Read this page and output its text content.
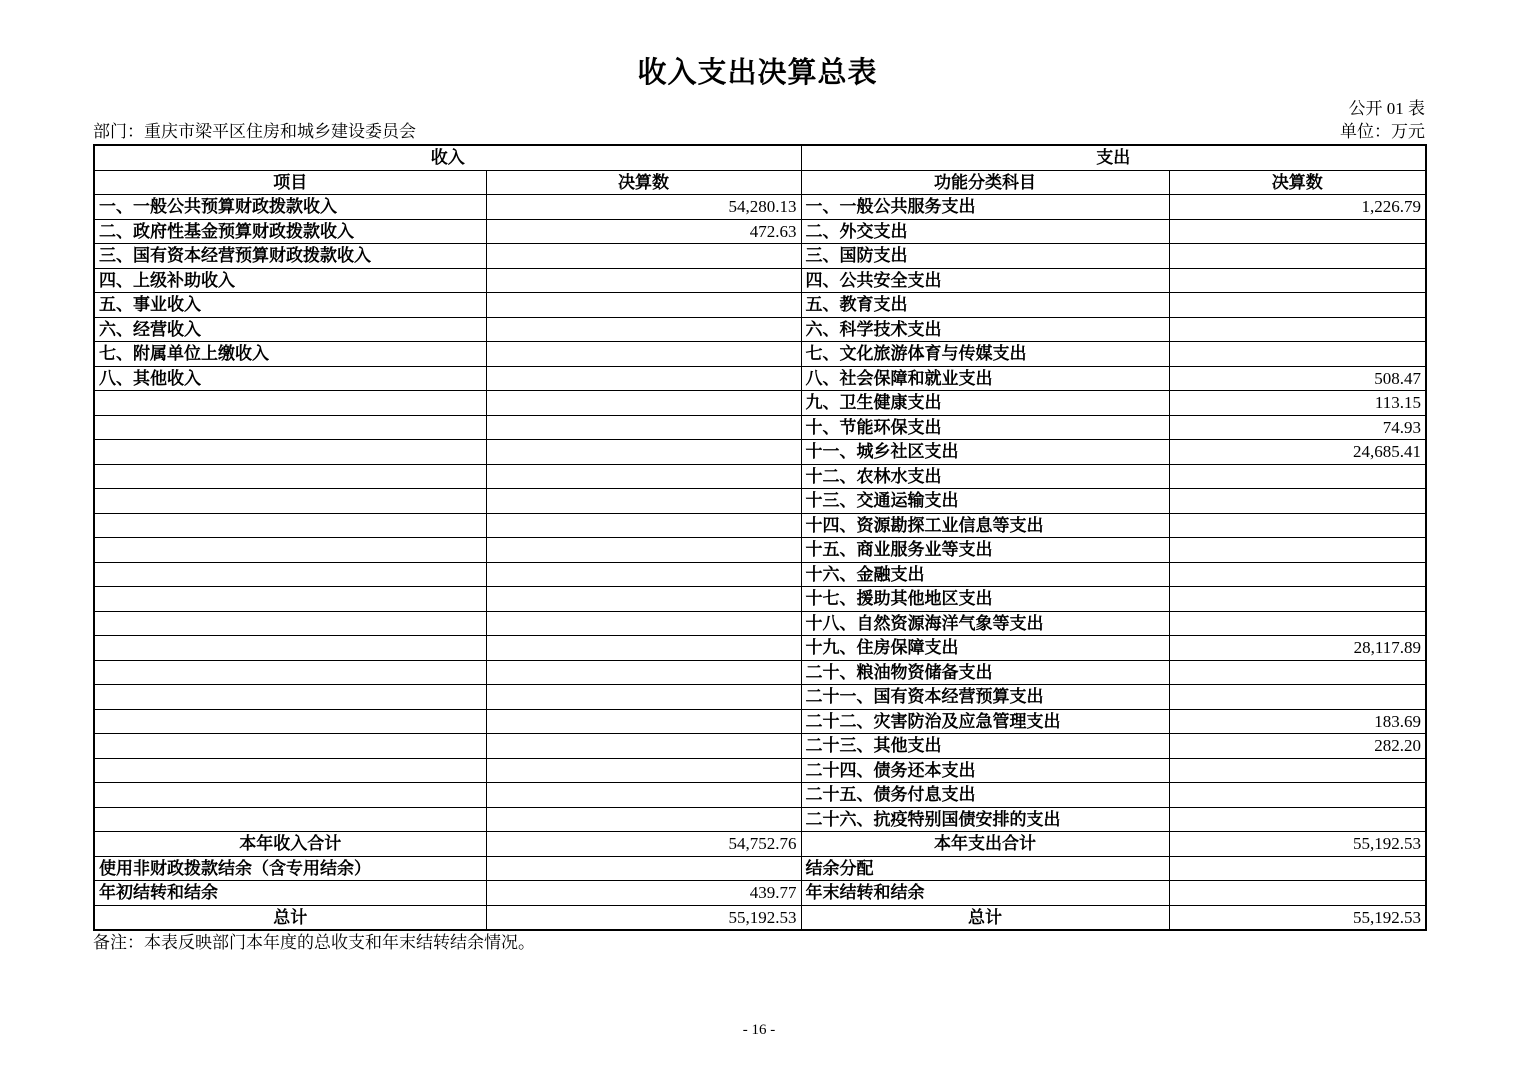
收入支出决算总表
公开 01 表
部门：重庆市梁平区住房和城乡建设委员会	单位：万元
收入		支出	
项目	决算数	功能分类科目	决算数
一、一般公共预算财政拨款收入	54,280.13	一、一般公共服务支出	1,226.79
二、政府性基金预算财政拨款收入	472.63	二、外交支出	
三、国有资本经营预算财政拨款收入		三、国防支出	
四、上级补助收入		四、公共安全支出	
五、事业收入		五、教育支出	
六、经营收入		六、科学技术支出	
七、附属单位上缴收入		七、文化旅游体育与传媒支出	
八、其他收入		八、社会保障和就业支出	508.47
		九、卫生健康支出	113.15
		十、节能环保支出	74.93
		十一、城乡社区支出	24,685.41
		十二、农林水支出	
		十三、交通运输支出	
		十四、资源勘探工业信息等支出	
		十五、商业服务业等支出	
		十六、金融支出	
		十七、援助其他地区支出	
		十八、自然资源海洋气象等支出	
		十九、住房保障支出	28,117.89
		二十、粮油物资储备支出	
		二十一、国有资本经营预算支出	
		二十二、灾害防治及应急管理支出	183.69
		二十三、其他支出	282.20
		二十四、债务还本支出	
		二十五、债务付息支出	
		二十六、抗疫特别国债安排的支出	
本年收入合计	54,752.76	本年支出合计	55,192.53
使用非财政拨款结余（含专用结余）		结余分配	
年初结转和结余	439.77	年末结转和结余	
总计	55,192.53	总计	55,192.53
备注：本表反映部门本年度的总收支和年末结转结余情况。
- 16 -
